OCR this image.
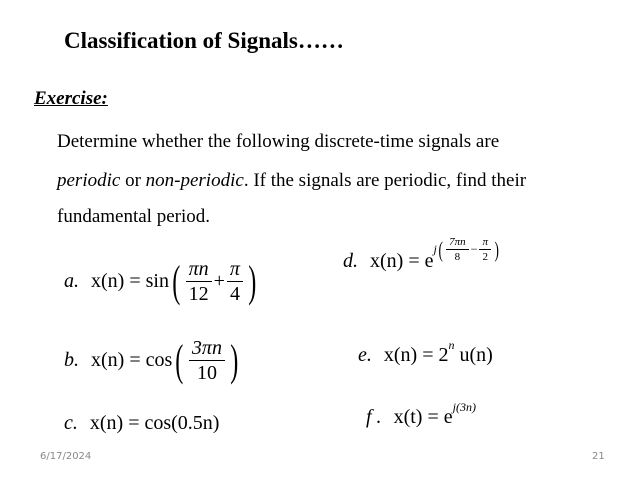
Classification of Signals……
Exercise:
Determine whether the following discrete-time signals are
periodic or non-periodic. If the signals are periodic, find their
fundamental period.
a. x(n) = sin ( $\frac{\pi n}{12} + \frac{\pi}{4}$ )
b. x(n) = cos ( $\frac{3\pi n}{10}$ )
c. x(n) = cos(0.5n)
d. x(n) = e
j ( $\frac{7\pi n}{8} - \frac{\pi}{2}$ )
e. x(n) = 2 n
u(n)
f . x(t) = e j(3n)
6/17/2024	21
